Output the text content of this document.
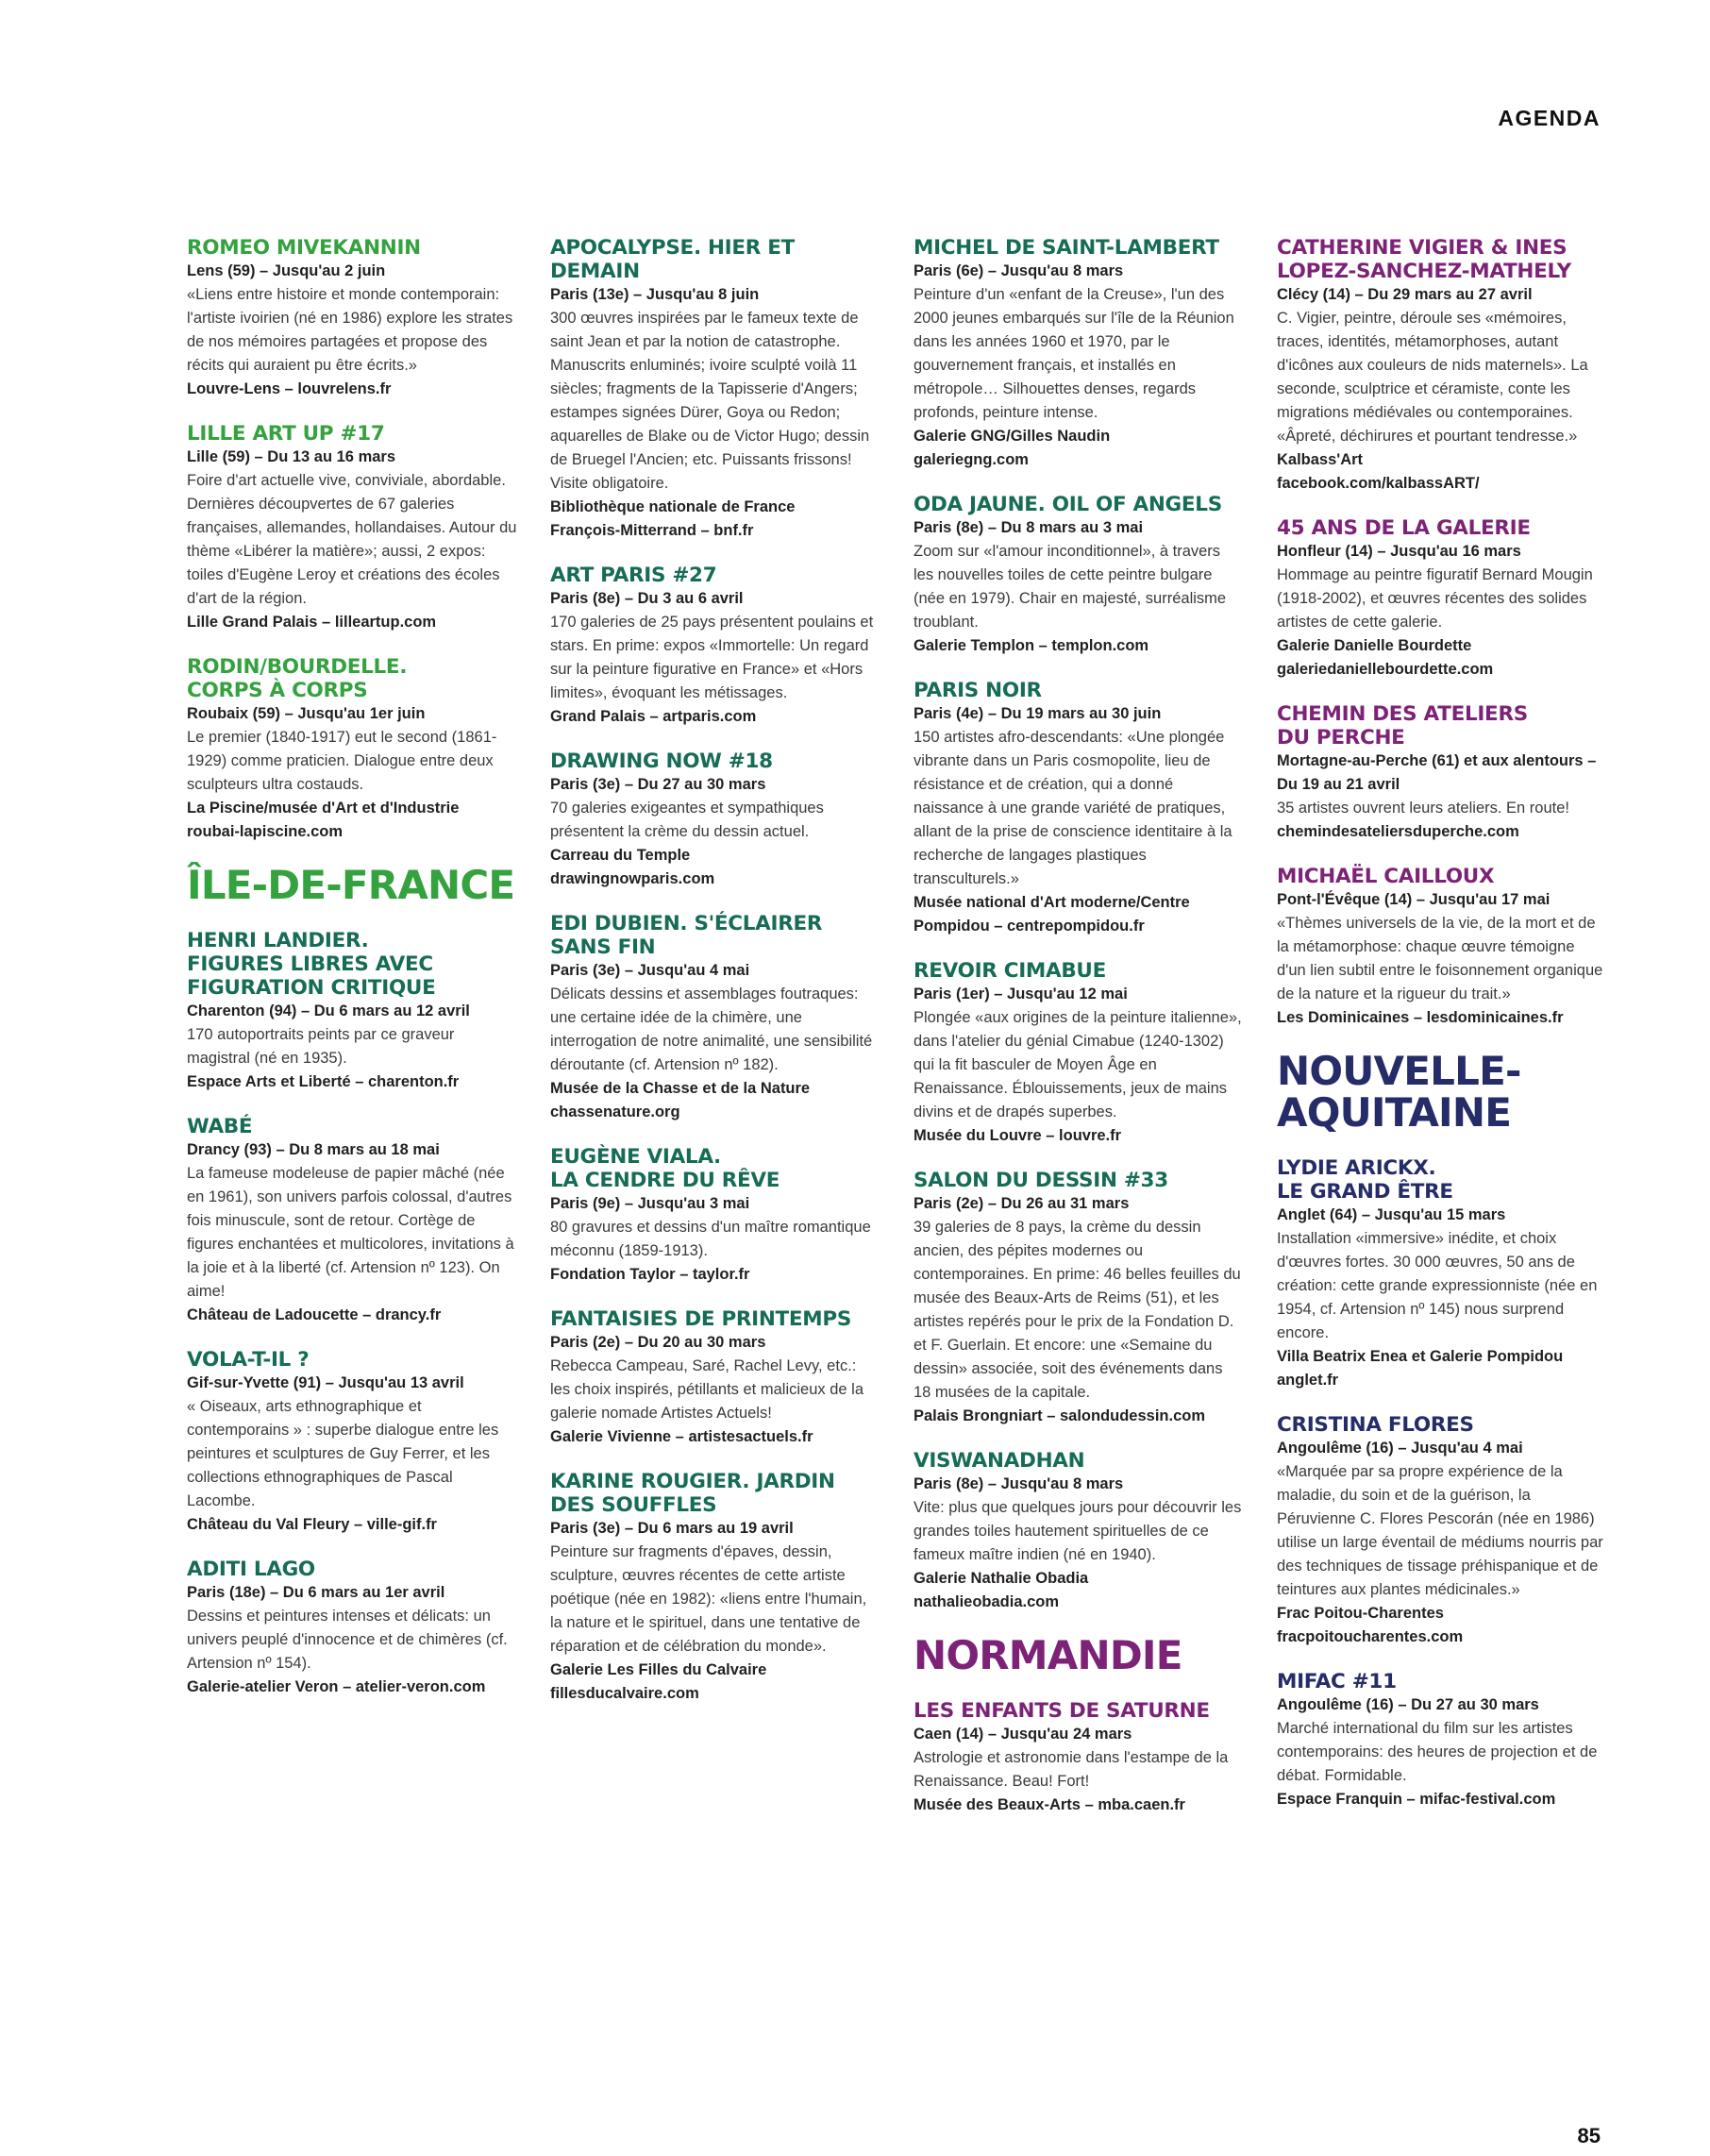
AGENDA
ROMEO MIVEKANNIN
Lens (59) – Jusqu'au 2 juin
«Liens entre histoire et monde contemporain: l'artiste ivoirien (né en 1986) explore les strates de nos mémoires partagées et propose des récits qui auraient pu être écrits.»
Louvre-Lens – louvrelens.fr
LILLE ART UP #17
Lille (59) – Du 13 au 16 mars
Foire d'art actuelle vive, conviviale, abordable. Dernières découpvertes de 67 galeries françaises, allemandes, hollandaises. Autour du thème «Libérer la matière»; aussi, 2 expos: toiles d'Eugène Leroy et créations des écoles d'art de la région.
Lille Grand Palais – lilleartup.com
RODIN/BOURDELLE.
CORPS À CORPS
Roubaix (59) – Jusqu'au 1er juin
Le premier (1840-1917) eut le second (1861-1929) comme praticien. Dialogue entre deux sculpteurs ultra costauds.
La Piscine/musée d'Art et d'Industrie
roubai-lapiscine.com
ÎLE-DE-FRANCE
HENRI LANDIER.
FIGURES LIBRES AVEC
FIGURATION CRITIQUE
Charenton (94) – Du 6 mars au 12 avril
170 autoportraits peints par ce graveur magistral (né en 1935).
Espace Arts et Liberté – charenton.fr
WABÉ
Drancy (93) – Du 8 mars au 18 mai
La fameuse modeleuse de papier mâché (née en 1961), son univers parfois colossal, d'autres fois minuscule, sont de retour. Cortège de figures enchantées et multicolores, invitations à la joie et à la liberté (cf. Artension nº 123). On aime!
Château de Ladoucette – drancy.fr
VOLA-T-IL ?
Gif-sur-Yvette (91) – Jusqu'au 13 avril
« Oiseaux, arts ethnographique et contemporains » : superbe dialogue entre les peintures et sculptures de Guy Ferrer, et les collections ethnographiques de Pascal Lacombe.
Château du Val Fleury – ville-gif.fr
ADITI LAGO
Paris (18e) – Du 6 mars au 1er avril
Dessins et peintures intenses et délicats: un univers peuplé d'innocence et de chimères (cf. Artension nº 154).
Galerie-atelier Veron – atelier-veron.com
APOCALYPSE. HIER ET DEMAIN
Paris (13e) – Jusqu'au 8 juin
300 œuvres inspirées par le fameux texte de saint Jean et par la notion de catastrophe. Manuscrits enluminés; ivoire sculpté voilà 11 siècles; fragments de la Tapisserie d'Angers; estampes signées Dürer, Goya ou Redon; aquarelles de Blake ou de Victor Hugo; dessin de Bruegel l'Ancien; etc. Puissants frissons! Visite obligatoire.
Bibliothèque nationale de France
François-Mitterrand – bnf.fr
ART PARIS #27
Paris (8e) – Du 3 au 6 avril
170 galeries de 25 pays présentent poulains et stars. En prime: expos «Immortelle: Un regard sur la peinture figurative en France» et «Hors limites», évoquant les métissages.
Grand Palais – artparis.com
DRAWING NOW #18
Paris (3e) – Du 27 au 30 mars
70 galeries exigeantes et sympathiques présentent la crème du dessin actuel.
Carreau du Temple
drawingnowparis.com
EDI DUBIEN. S'ÉCLAIRER
SANS FIN
Paris (3e) – Jusqu'au 4 mai
Délicats dessins et assemblages foutraques: une certaine idée de la chimère, une interrogation de notre animalité, une sensibilité déroutante (cf. Artension nº 182).
Musée de la Chasse et de la Nature
chassenature.org
EUGÈNE VIALA.
LA CENDRE DU RÊVE
Paris (9e) – Jusqu'au 3 mai
80 gravures et dessins d'un maître romantique méconnu (1859-1913).
Fondation Taylor – taylor.fr
FANTAISIES DE PRINTEMPS
Paris (2e) – Du 20 au 30 mars
Rebecca Campeau, Saré, Rachel Levy, etc.: les choix inspirés, pétillants et malicieux de la galerie nomade Artistes Actuels!
Galerie Vivienne – artistesactuels.fr
KARINE ROUGIER. JARDIN
DES SOUFFLES
Paris (3e) – Du 6 mars au 19 avril
Peinture sur fragments d'épaves, dessin, sculpture, œuvres récentes de cette artiste poétique (née en 1982): «liens entre l'humain, la nature et le spirituel, dans une tentative de réparation et de célébration du monde».
Galerie Les Filles du Calvaire
fillesducalvaire.com
MICHEL DE SAINT-LAMBERT
Paris (6e) – Jusqu'au 8 mars
Peinture d'un «enfant de la Creuse», l'un des 2000 jeunes embarqués sur l'île de la Réunion dans les années 1960 et 1970, par le gouvernement français, et installés en métropole… Silhouettes denses, regards profonds, peinture intense.
Galerie GNG/Gilles Naudin
galeriegng.com
ODA JAUNE. OIL OF ANGELS
Paris (8e) – Du 8 mars au 3 mai
Zoom sur «l'amour inconditionnel», à travers les nouvelles toiles de cette peintre bulgare (née en 1979). Chair en majesté, surréalisme troublant.
Galerie Templon – templon.com
PARIS NOIR
Paris (4e) – Du 19 mars au 30 juin
150 artistes afro-descendants: «Une plongée vibrante dans un Paris cosmopolite, lieu de résistance et de création, qui a donné naissance à une grande variété de pratiques, allant de la prise de conscience identitaire à la recherche de langages plastiques transculturels.»
Musée national d'Art moderne/Centre
Pompidou – centrepompidou.fr
REVOIR CIMABUE
Paris (1er) – Jusqu'au 12 mai
Plongée «aux origines de la peinture italienne», dans l'atelier du génial Cimabue (1240-1302) qui la fit basculer de Moyen Âge en Renaissance. Éblouissements, jeux de mains divins et de drapés superbes.
Musée du Louvre – louvre.fr
SALON DU DESSIN #33
Paris (2e) – Du 26 au 31 mars
39 galeries de 8 pays, la crème du dessin ancien, des pépites modernes ou contemporaines. En prime: 46 belles feuilles du musée des Beaux-Arts de Reims (51), et les artistes repérés pour le prix de la Fondation D. et F. Guerlain. Et encore: une «Semaine du dessin» associée, soit des événements dans 18 musées de la capitale.
Palais Brongniart – salondudessin.com
VISWANADHAN
Paris (8e) – Jusqu'au 8 mars
Vite: plus que quelques jours pour découvrir les grandes toiles hautement spirituelles de ce fameux maître indien (né en 1940).
Galerie Nathalie Obadia
nathalieobadia.com
NORMANDIE
LES ENFANTS DE SATURNE
Caen (14) – Jusqu'au 24 mars
Astrologie et astronomie dans l'estampe de la Renaissance. Beau! Fort!
Musée des Beaux-Arts – mba.caen.fr
CATHERINE VIGIER & INES
LOPEZ-SANCHEZ-MATHELY
Clécy (14) – Du 29 mars au 27 avril
C. Vigier, peintre, déroule ses «mémoires, traces, identités, métamorphoses, autant d'icônes aux couleurs de nids maternels». La seconde, sculptrice et céramiste, conte les migrations médiévales ou contemporaines. «Âpreté, déchirures et pourtant tendresse.»
Kalbass'Art
facebook.com/kalbassART/
45 ANS DE LA GALERIE
Honfleur (14) – Jusqu'au 16 mars
Hommage au peintre figuratif Bernard Mougin (1918-2002), et œuvres récentes des solides artistes de cette galerie.
Galerie Danielle Bourdette
galeriedaniellebourdette.com
CHEMIN DES ATELIERS
DU PERCHE
Mortagne-au-Perche (61) et aux alentours – Du 19 au 21 avril
35 artistes ouvrent leurs ateliers. En route!
chemindesateliersduperche.com
MICHAËL CAILLOUX
Pont-l'Évêque (14) – Jusqu'au 17 mai
«Thèmes universels de la vie, de la mort et de la métamorphose: chaque œuvre témoigne d'un lien subtil entre le foisonnement organique de la nature et la rigueur du trait.»
Les Dominicaines – lesdominicaines.fr
NOUVELLE-
AQUITAINE
LYDIE ARICKX.
LE GRAND ÊTRE
Anglet (64) – Jusqu'au 15 mars
Installation «immersive» inédite, et choix d'œuvres fortes. 30 000 œuvres, 50 ans de création: cette grande expressionniste (née en 1954, cf. Artension nº 145) nous surprend encore.
Villa Beatrix Enea et Galerie Pompidou
anglet.fr
CRISTINA FLORES
Angoulême (16) – Jusqu'au 4 mai
«Marquée par sa propre expérience de la maladie, du soin et de la guérison, la Péruvienne C. Flores Pescorán (née en 1986) utilise un large éventail de médiums nourris par des techniques de tissage préhispanique et de teintures aux plantes médicinales.»
Frac Poitou-Charentes
fracpoitoucharentes.com
MIFAC #11
Angoulême (16) – Du 27 au 30 mars
Marché international du film sur les artistes contemporains: des heures de projection et de débat. Formidable.
Espace Franquin – mifac-festival.com
85
